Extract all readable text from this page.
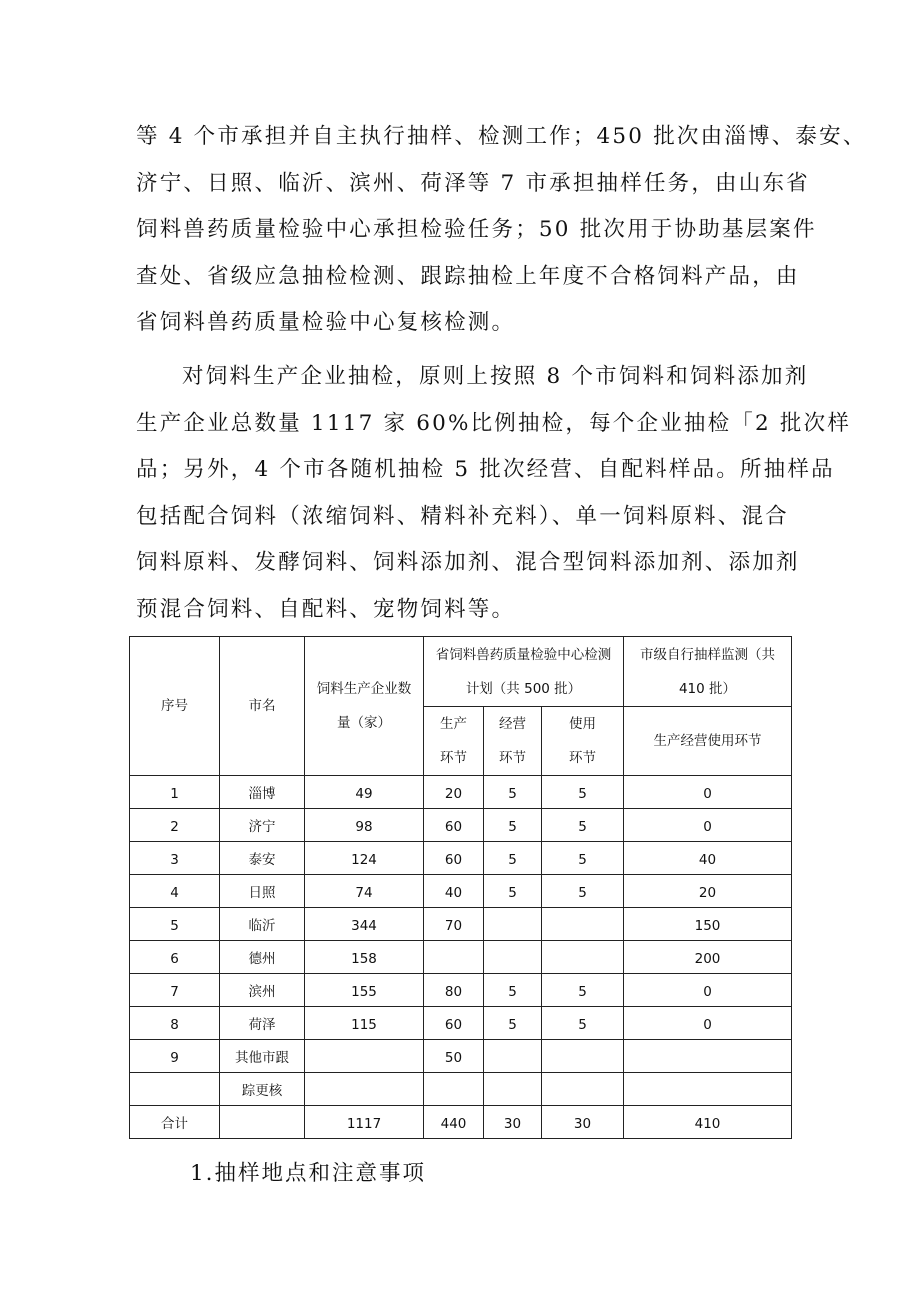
等 4 个市承担并自主执行抽样、检测工作；450 批次由淄博、泰安、
济宁、日照、临沂、滨州、荷泽等 7 市承担抽样任务，由山东省
饲料兽药质量检验中心承担检验任务；50 批次用于协助基层案件
查处、省级应急抽检检测、跟踪抽检上年度不合格饲料产品，由
省饲料兽药质量检验中心复核检测。
对饲料生产企业抽检，原则上按照 8 个市饲料和饲料添加剂
生产企业总数量 1117 家 60%比例抽检，每个企业抽检「2 批次样
品；另外，4 个市各随机抽检 5 批次经营、自配料样品。所抽样品
包括配合饲料（浓缩饲料、精料补充料）、单一饲料原料、混合
饲料原料、发酵饲料、饲料添加剂、混合型饲料添加剂、添加剂
预混合饲料、自配料、宠物饲料等。
序号	市名	饲料生产企业数量（家）	省饲料兽药质量检验中心检测计划（共 500 批）			市级自行抽样监测（共 410 批）
			生产环节	经营环节	使用环节	生产经营使用环节
1	淄博	49	20	5	5	0
2	济宁	98	60	5	5	0
3	泰安	124	60	5	5	40
4	日照	74	40	5	5	20
5	临沂	344	70			150
6	德州	158				200
7	滨州	155	80	5	5	0
8	荷泽	115	60	5	5	0
9	其他市跟		50			
	踪更核					
合计		1117	440	30	30	410
1.抽样地点和注意事项
